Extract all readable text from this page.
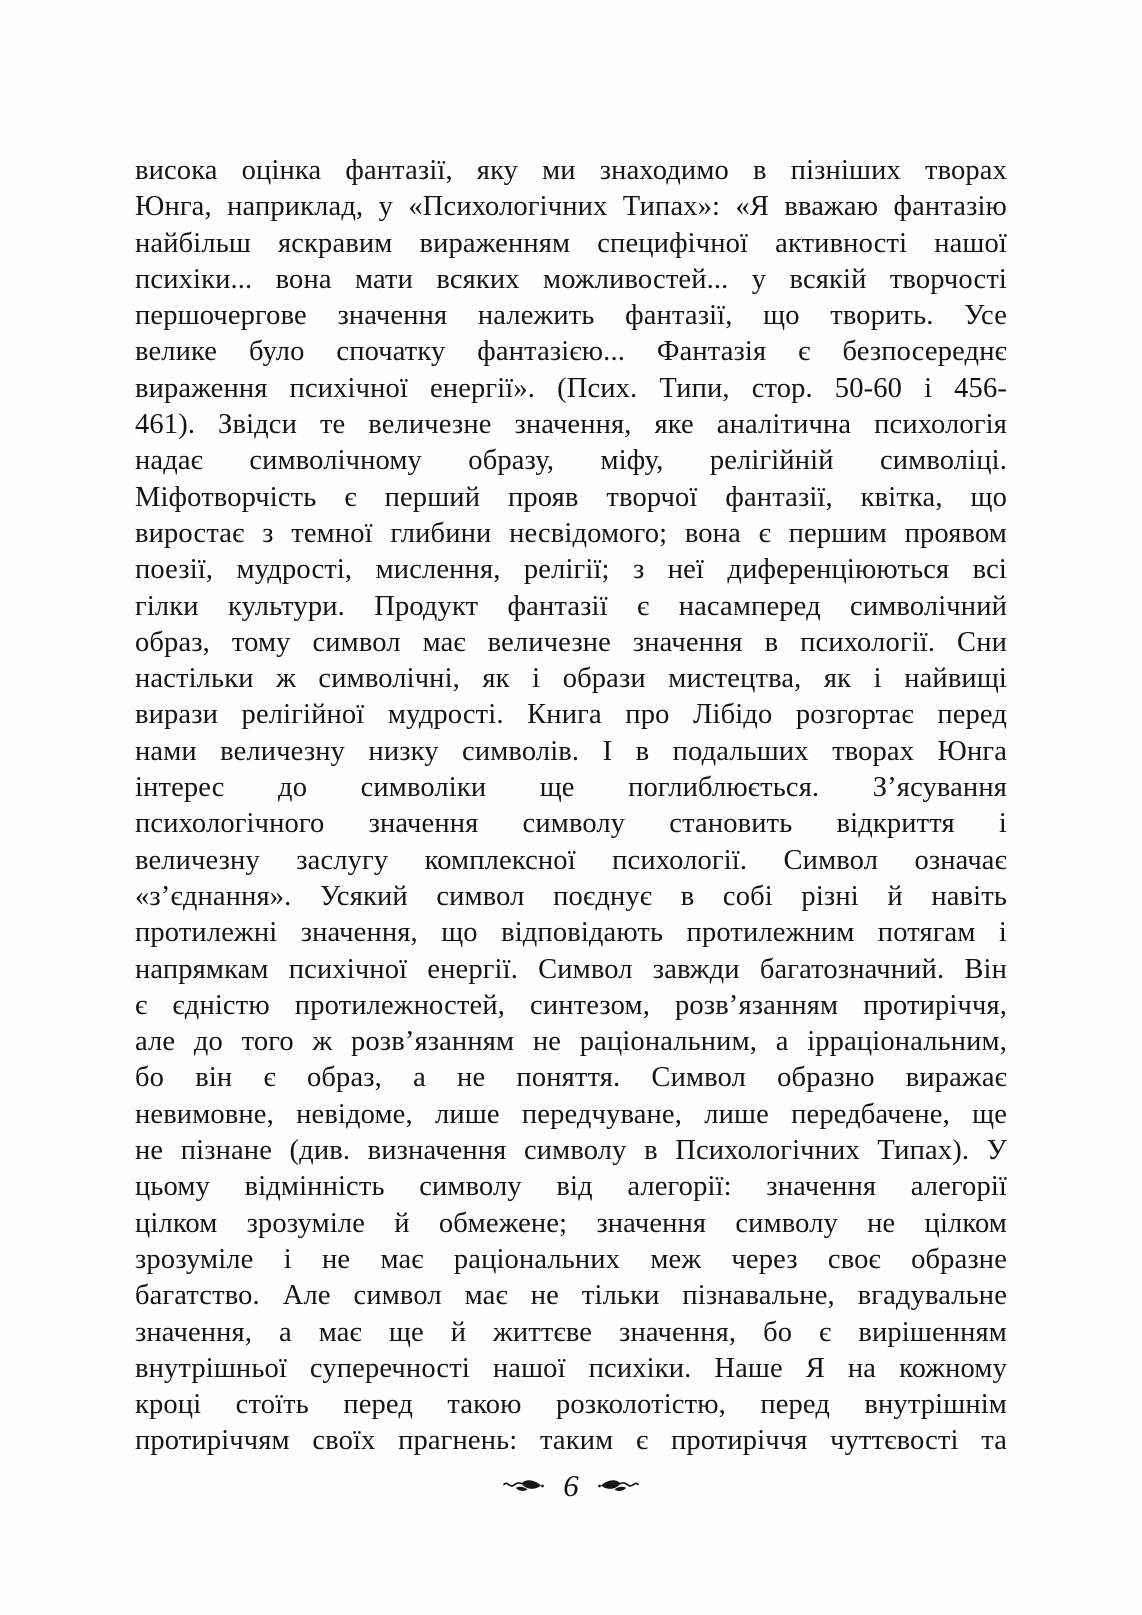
висока оцінка фантазії, яку ми знаходимо в пізніших творах
Юнга, наприклад, у «Психологічних Типах»: «Я вважаю фантазію
найбільш яскравим вираженням специфічної активності нашої
психіки... вона мати всяких можливостей... у всякій творчості
першочергове значення належить фантазії, що творить. Усе
велике було спочатку фантазією... Фантазія є безпосереднє
вираження психічної енергії». (Псих. Типи, стор. 50-60 і 456-
461). Звідси те величезне значення, яке аналітична психологія
надає символічному образу, міфу, релігійній символіці.
Міфотворчість є перший прояв творчої фантазії, квітка, що
виростає з темної глибини несвідомого; вона є першим проявом
поезії, мудрості, мислення, релігії; з неї диференціюються всі
гілки культури. Продукт фантазії є насамперед символічний
образ, тому символ має величезне значення в психології. Сни
настільки ж символічні, як і образи мистецтва, як і найвищі
вирази релігійної мудрості. Книга про Лібідо розгортає перед
нами величезну низку символів. І в подальших творах Юнга
інтерес до символіки ще поглиблюється. З’ясування
психологічного значення символу становить відкриття і
величезну заслугу комплексної психології. Символ означає
«з’єднання». Усякий символ поєднує в собі різні й навіть
протилежні значення, що відповідають протилежним потягам і
напрямкам психічної енергії. Символ завжди багатозначний. Він
є єдністю протилежностей, синтезом, розв’язанням протиріччя,
але до того ж розв’язанням не раціональним, а ірраціональним,
бо він є образ, а не поняття. Символ образно виражає
невимовне, невідоме, лише передчуване, лише передбачене, ще
не пізнане (див. визначення символу в Психологічних Типах). У
цьому відмінність символу від алегорії: значення алегорії
цілком зрозуміле й обмежене; значення символу не цілком
зрозуміле і не має раціональних меж через своє образне
багатство. Але символ має не тільки пізнавальне, вгадувальне
значення, а має ще й життєве значення, бо є вирішенням
внутрішньої суперечності нашої психіки. Наше Я на кожному
кроці стоїть перед такою розколотістю, перед внутрішнім
протиріччям своїх прагнень: таким є протиріччя чуттєвості та
6
